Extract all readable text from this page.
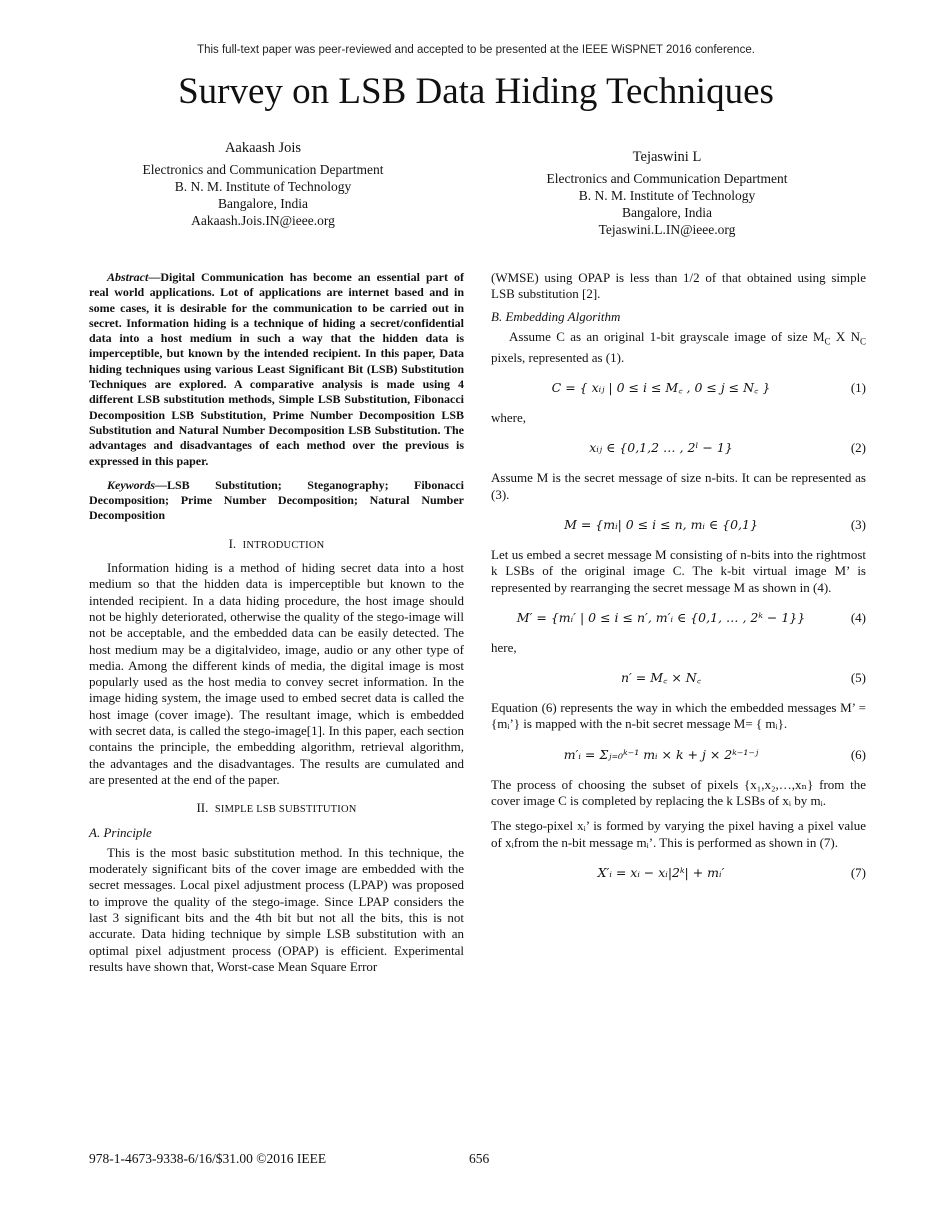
This full-text paper was peer-reviewed and accepted to be presented at the IEEE WiSPNET 2016 conference.
Survey on LSB Data Hiding Techniques
Aakaash Jois
Electronics and Communication Department
B. N. M. Institute of Technology
Bangalore, India
Aakaash.Jois.IN@ieee.org
Tejaswini L
Electronics and Communication Department
B. N. M. Institute of Technology
Bangalore, India
Tejaswini.L.IN@ieee.org

Abstract—Digital Communication has become an essential part of real world applications. Lot of applications are internet based and in some cases, it is desirable for the communication to be carried out in secret. Information hiding is a technique of hiding a secret/confidential data into a host medium in such a way that the hidden data is imperceptible, but known by the intended recipient. In this paper, Data hiding techniques using various Least Significant Bit (LSB) Substitution Techniques are explored. A comparative analysis is made using 4 different LSB substitution methods, Simple LSB Substitution, Fibonacci Decomposition LSB Substitution, Prime Number Decomposition LSB Substitution and Natural Number Decomposition LSB Substitution. The advantages and disadvantages of each method over the previous is expressed in this paper.

Keywords—LSB Substitution; Steganography; Fibonacci Decomposition; Prime Number Decomposition; Natural Number Decomposition

I. INTRODUCTION

Information hiding is a method of hiding secret data into a host medium so that the hidden data is imperceptible but known to the intended recipient. In a data hiding procedure, the host image should not be highly deteriorated, otherwise the quality of the stego-image will not be acceptable, and the embedded data can be easily detected. The host medium may be a digitalvideo, image, audio or any other type of media. Among the different kinds of media, the digital image is most popularly used as the host media to convey secret information. In the image hiding system, the image used to embed secret data is called the host image (cover image). The resultant image, which is embedded with secret data, is called the stego-image[1]. In this paper, each section contains the principle, the embedding algorithm, retrieval algorithm, the advantages and the disadvantages. The results are cumulated and are presented at the end of the paper.

II. SIMPLE LSB SUBSTITUTION

A. Principle

This is the most basic substitution method. In this technique, the moderately significant bits of the cover image are embedded with the secret messages. Local pixel adjustment process (LPAP) was proposed to improve the quality of the stego-image. Since LPAP considers the last 3 significant bits and the 4th bit but not all the bits, this is not accurate. Data hiding technique by simple LSB substitution with an optimal pixel adjustment process (OPAP) is efficient. Experimental results have shown that, Worst-case Mean Square Error

(WMSE) using OPAP is less than 1/2 of that obtained using simple LSB substitution [2].

B. Embedding Algorithm

Assume C as an original 1-bit grayscale image of size $M_C$ X $N_C$ pixels, represented as (1).

C = { xᵢⱼ | 0 ≤ i ≤ M꜀ , 0 ≤ j ≤ N꜀ }	(1)

where,

xᵢⱼ ∈ {0,1,2 … , 2ˡ − 1}	(2)

Assume M is the secret message of size n-bits. It can be represented as (3).

M = {mᵢ| 0 ≤ i ≤ n, mᵢ ∈ {0,1}	(3)

Let us embed a secret message M consisting of n-bits into the rightmost k LSBs of the original image C. The k-bit virtual image M’ is represented by rearranging the secret message M as shown in (4).

M′ = {mᵢ′ | 0 ≤ i ≤ n′, m′ᵢ ∈ {0,1, … , 2ᵏ − 1}}	(4)

here,

n′ = M꜀ × N꜀	(5)

Equation (6) represents the way in which the embedded messages M’ = {mᵢ’} is mapped with the n-bit secret message M= { mᵢ}.

m′ᵢ = Σⱼ₌₀ᵏ⁻¹ mᵢ × k + j × 2ᵏ⁻¹⁻ʲ	(6)

The process of choosing the subset of pixels {x₁,x₂,…,xₙ} from the cover image C is completed by replacing the k LSBs of xᵢ by mᵢ.

The stego-pixel xᵢ’ is formed by varying the pixel having a pixel value of xᵢfrom the n-bit message mᵢ’. This is performed as shown in (7).

X′ᵢ = xᵢ − xᵢ|2ᵏ| + mᵢ′	(7)
978-1-4673-9338-6/16/$31.00 ©2016 IEEE	656
